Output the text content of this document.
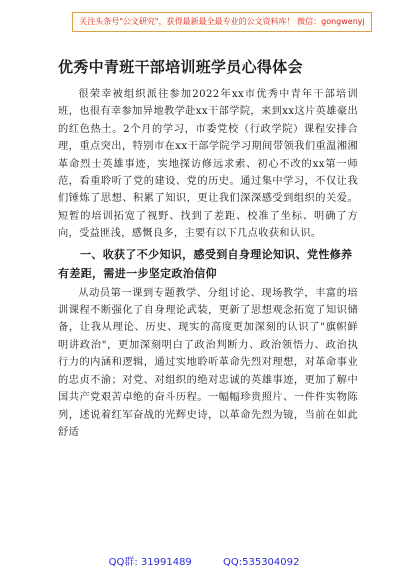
关注头条号"公文研究"，获得最新最全最专业的公文资料库！ 微信：gongwenyj
优秀中青班干部培训班学员心得体会

很荣幸被组织派往参加2022年xx市优秀中青年干部培训班，也很有幸参加异地教学赴xx干部学院，来到xx这片英雄豪出的红色热土。2个月的学习，市委党校（行政学院）课程安排合理，重点突出，特别市在xx干部学院学习期间带领我们重温湘湘革命烈士英雄事迹，实地探访修远求索、初心不改的xx第一师范，看重聆听了党的建设、党的历史。通过集中学习，不仅让我们锤炼了思想、积累了知识，更让我们深深感受到组织的关爱。短暂的培训拓宽了视野、找到了差距、校准了坐标、明确了方向，受益匪浅，感慨良多，主要有以下几点收获和认识。

一、收获了不少知识，感受到自身理论知识、党性修养有差距，需进一步坚定政治信仰

从动员第一课到专题教学、分组讨论、现场教学，丰富的培训课程不断强化了自身理论武装，更新了思想观念拓宽了知识储备，让我从理论、历史、现实的高度更加深刻的认识了"旗帜鲜明讲政治"，更加深刻明白了政治判断力、政治领悟力、政治执行力的内涵和逻辑，通过实地聆听革命先烈对理想，对革命事业的忠贞不渝；对党、对组织的绝对忠诚的英雄事迹，更加了解中国共产党艰苦卓绝的奋斗历程。一幅幅珍贵照片、一件件实物陈列，述说着红军奋战的光辉史诗，以革命先烈为镜，当前在如此舒适

QQ群: 31991489	QQ:535304092
